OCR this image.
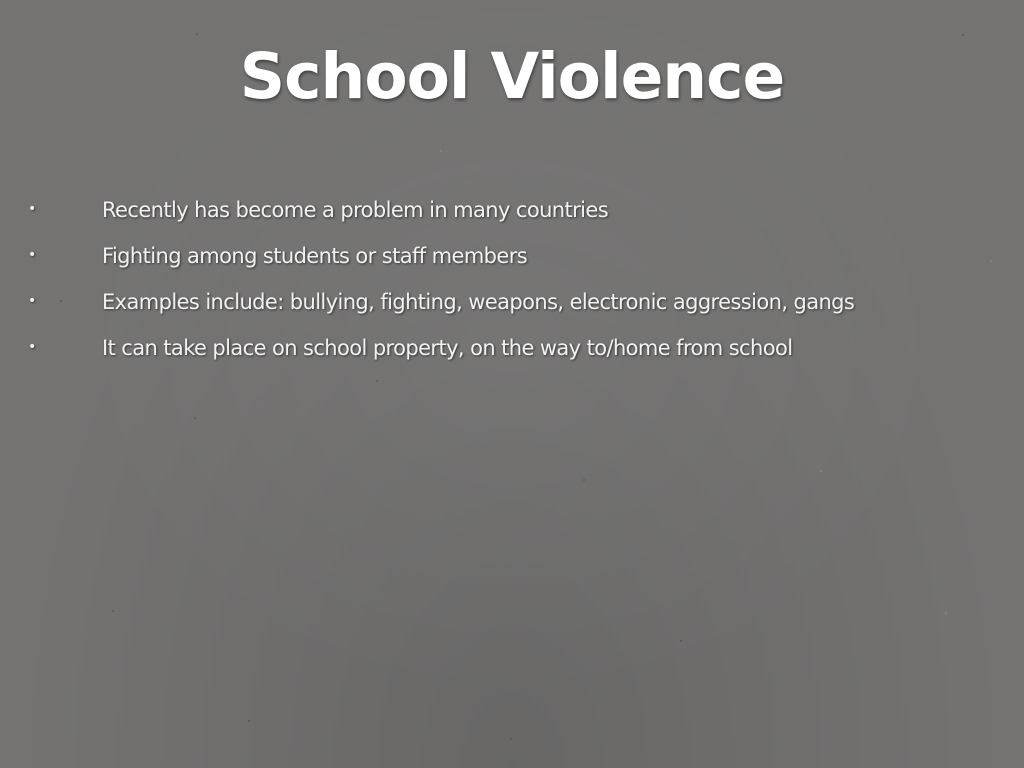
School Violence
•	Recently has become a problem in many countries
•	Fighting among students or staff members
•	Examples include: bullying, fighting, weapons, electronic aggression, gangs
•	It can take place on school property, on the way to/home from school
